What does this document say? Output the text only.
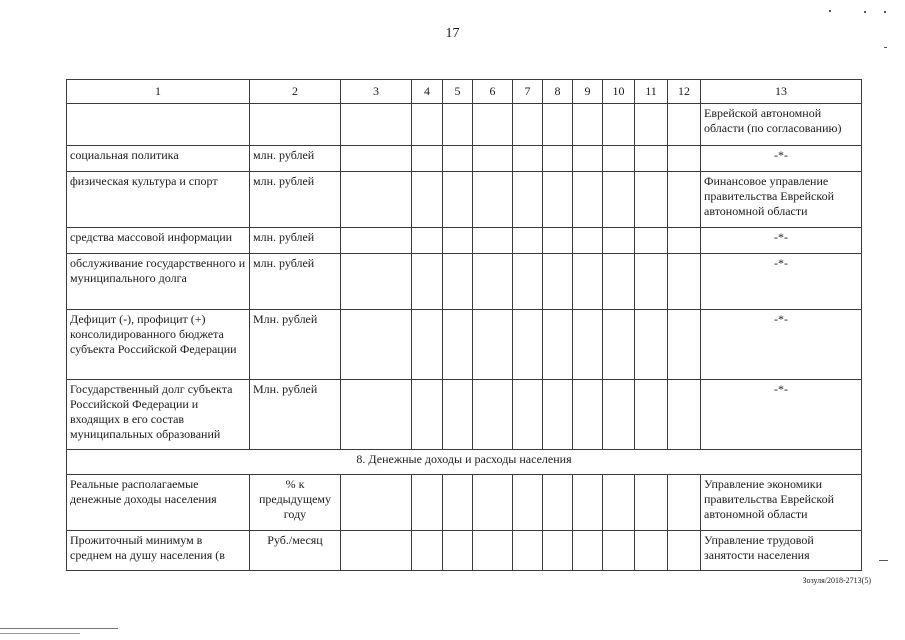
17
1	2	3	4	5	6	7	8	9	10	11	12	13
												Еврейской автономной области (по согласованию)
социальная политика	млн. рублей											-*-
физическая культура и спорт	млн. рублей											Финансовое управление правительства Еврейской автономной области
средства массовой информации	млн. рублей											-*-
обслуживание государственного и муниципального долга	млн. рублей											-*-
Дефицит (-), профицит (+) консолидированного бюджета субъекта Российской Федерации	Млн. рублей											-*-
Государственный долг субъекта Российской Федерации и входящих в его состав муниципальных образований	Млн. рублей											-*-
8. Денежные доходы и расходы населения												
Реальные располагаемые денежные доходы населения	% к предыдущему году											Управление экономики правительства Еврейской автономной области
Прожиточный минимум в среднем на душу населения (в	Руб./месяц											Управление трудовой занятости населения
Зозуля/2018-2713(5)
